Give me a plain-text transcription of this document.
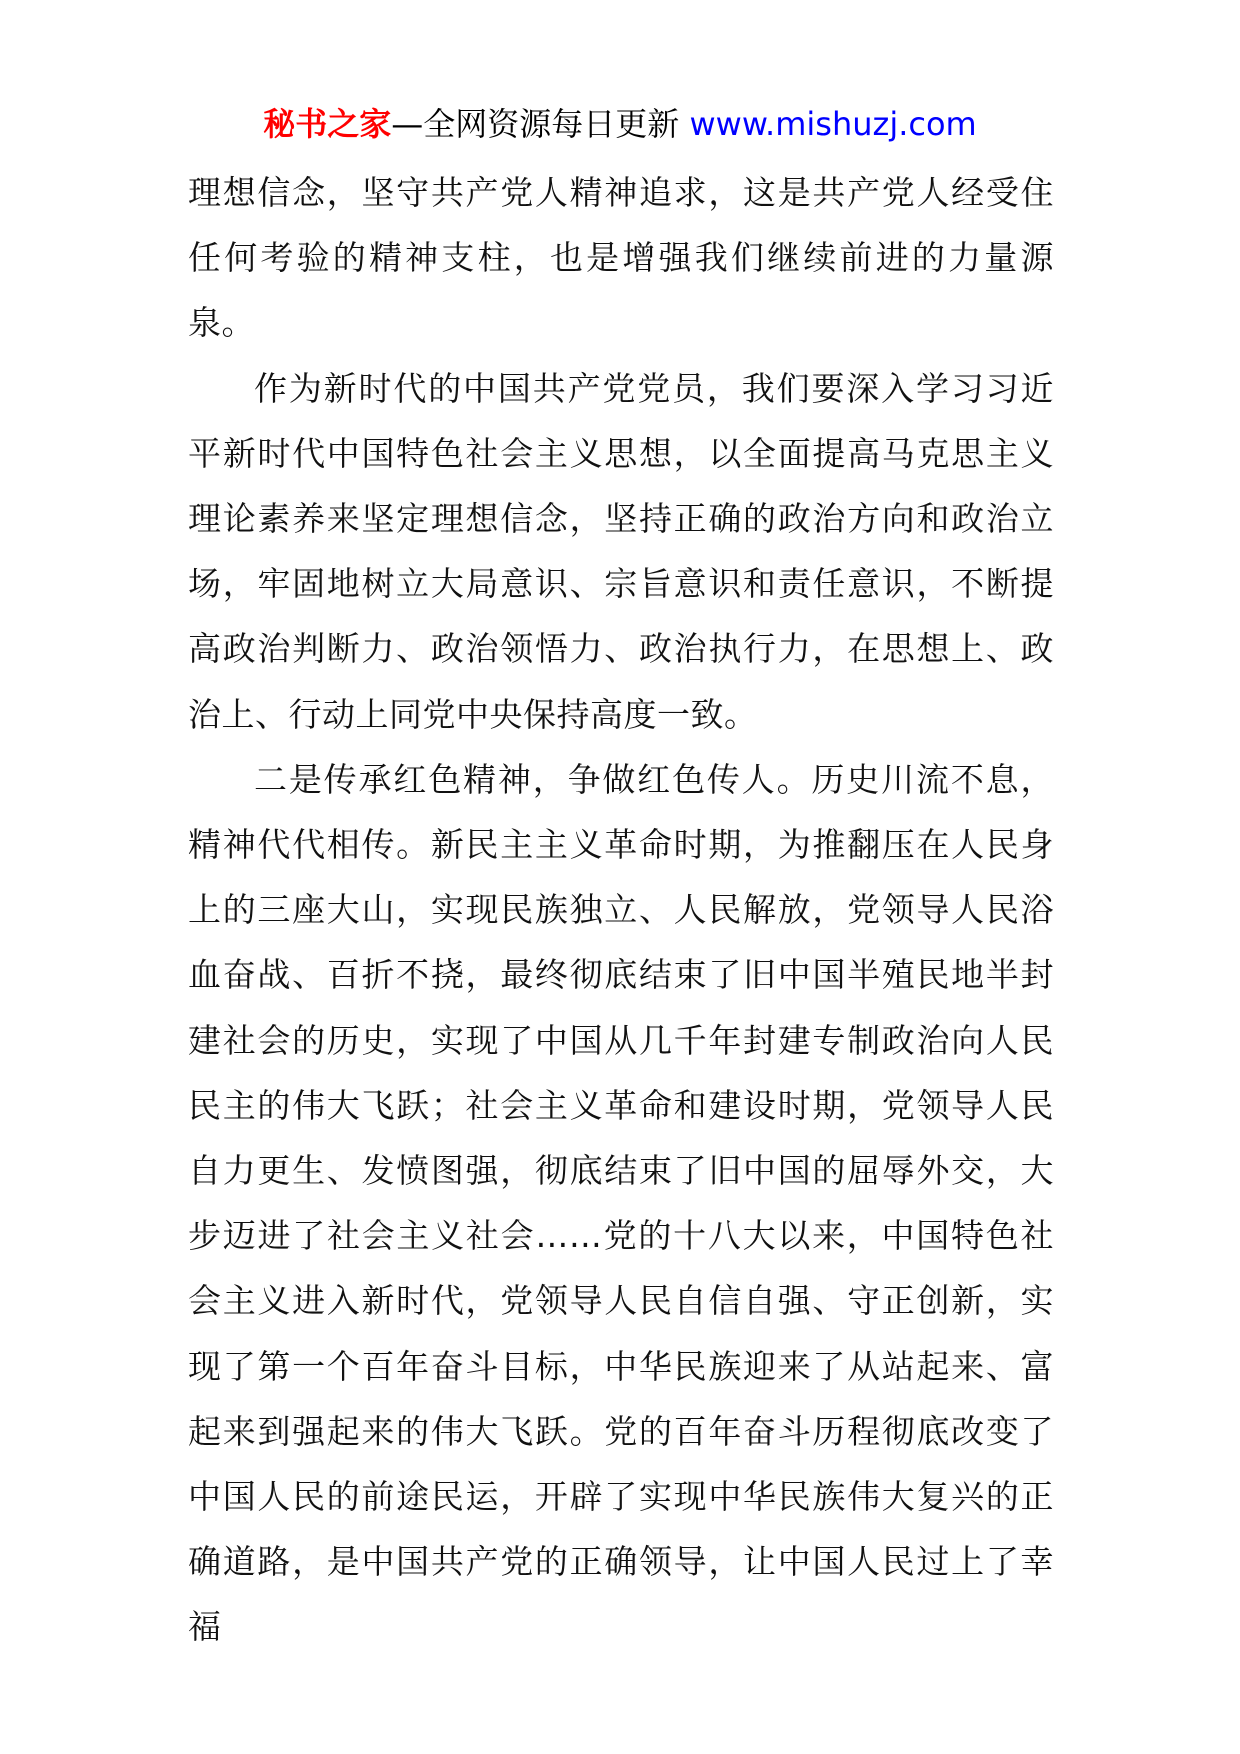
秘书之家—全网资源每日更新 www.mishuzj.com

理想信念，坚守共产党人精神追求，这是共产党人经受住任何考验的精神支柱，也是增强我们继续前进的力量源泉。

作为新时代的中国共产党党员，我们要深入学习习近平新时代中国特色社会主义思想，以全面提高马克思主义理论素养来坚定理想信念，坚持正确的政治方向和政治立场，牢固地树立大局意识、宗旨意识和责任意识，不断提高政治判断力、政治领悟力、政治执行力，在思想上、政治上、行动上同党中央保持高度一致。

二是传承红色精神，争做红色传人。历史川流不息，精神代代相传。新民主主义革命时期，为推翻压在人民身上的三座大山，实现民族独立、人民解放，党领导人民浴血奋战、百折不挠，最终彻底结束了旧中国半殖民地半封建社会的历史，实现了中国从几千年封建专制政治向人民民主的伟大飞跃；社会主义革命和建设时期，党领导人民自力更生、发愤图强，彻底结束了旧中国的屈辱外交，大步迈进了社会主义社会……党的十八大以来，中国特色社会主义进入新时代，党领导人民自信自强、守正创新，实现了第一个百年奋斗目标，中华民族迎来了从站起来、富起来到强起来的伟大飞跃。党的百年奋斗历程彻底改变了中国人民的前途民运，开辟了实现中华民族伟大复兴的正确道路，是中国共产党的正确领导，让中国人民过上了幸福
